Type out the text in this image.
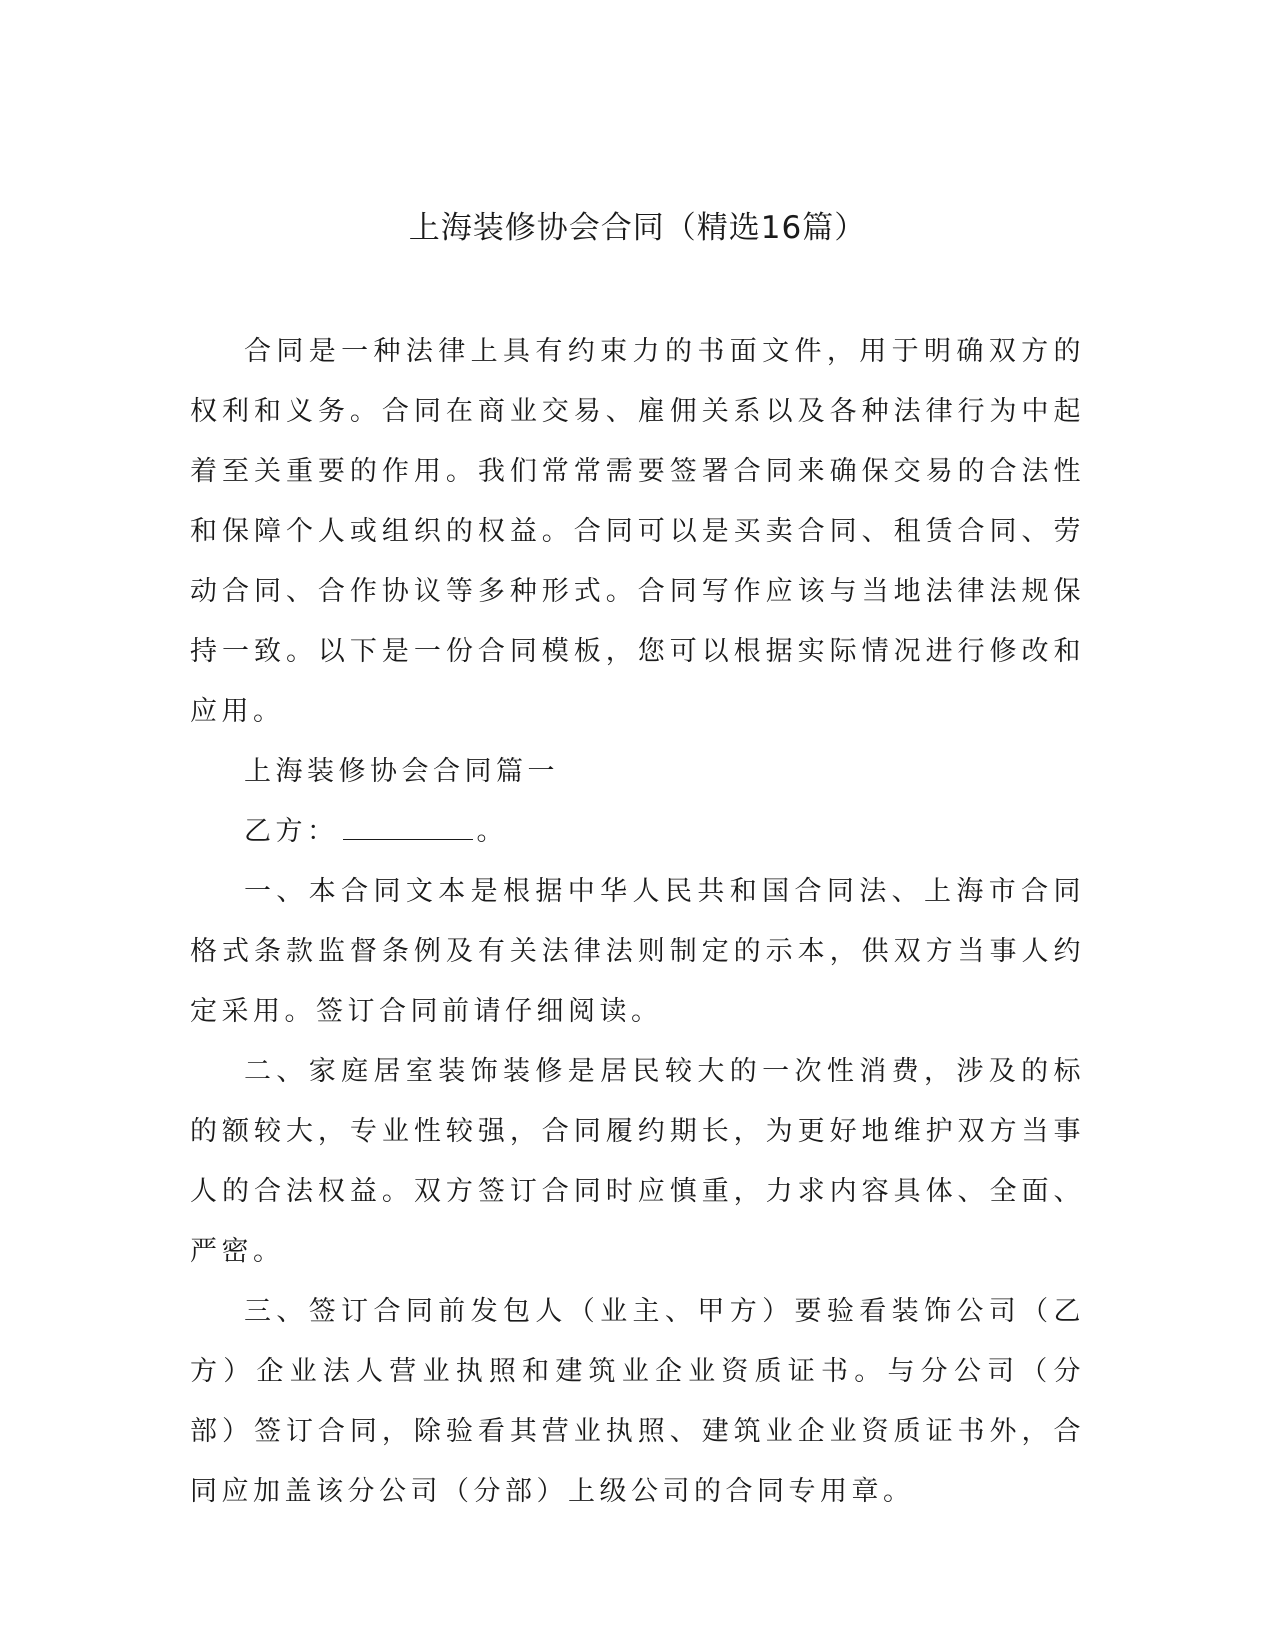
上海装修协会合同（精选16篇）

合同是一种法律上具有约束力的书面文件，用于明确双方的权利和义务。合同在商业交易、雇佣关系以及各种法律行为中起着至关重要的作用。我们常常需要签署合同来确保交易的合法性和保障个人或组织的权益。合同可以是买卖合同、租赁合同、劳动合同、合作协议等多种形式。合同写作应该与当地法律法规保持一致。以下是一份合同模板，您可以根据实际情况进行修改和应用。

上海装修协会合同篇一

乙方：	。

一、本合同文本是根据中华人民共和国合同法、上海市合同格式条款监督条例及有关法律法则制定的示本，供双方当事人约定采用。签订合同前请仔细阅读。

二、家庭居室装饰装修是居民较大的一次性消费，涉及的标的额较大，专业性较强，合同履约期长，为更好地维护双方当事人的合法权益。双方签订合同时应慎重，力求内容具体、全面、严密。

三、签订合同前发包人（业主、甲方）要验看装饰公司（乙方）企业法人营业执照和建筑业企业资质证书。与分公司（分部）签订合同，除验看其营业执照、建筑业企业资质证书外，合同应加盖该分公司（分部）上级公司的合同专用章。
